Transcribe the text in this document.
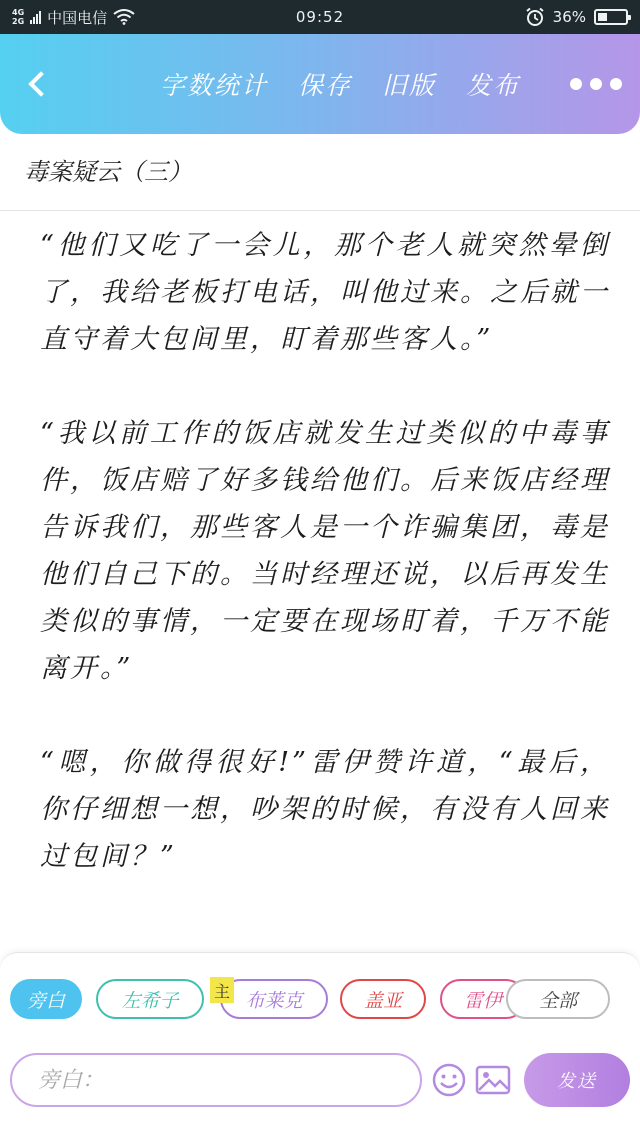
4G
2G 中国电信	09:52	36%
字数统计 保存 旧版 发布
毒案疑云（三）

“他们又吃了一会儿，那个老人就突然晕倒了，我给老板打电话，叫他过来。之后就一直守着大包间里，盯着那些客人。”

“我以前工作的饭店就发生过类似的中毒事件，饭店赔了好多钱给他们。后来饭店经理告诉我们，那些客人是一个诈骗集团，毒是他们自己下的。当时经理还说，以后再发生类似的事情，一定要在现场盯着，千万不能离开。”

“嗯，你做得很好!”雷伊赞许道，“最后，你仔细想一想，吵架的时候，有没有人回来过包间？”

主
旁白	左希子	布莱克	盖亚	雷伊	全部
旁白：
发送
